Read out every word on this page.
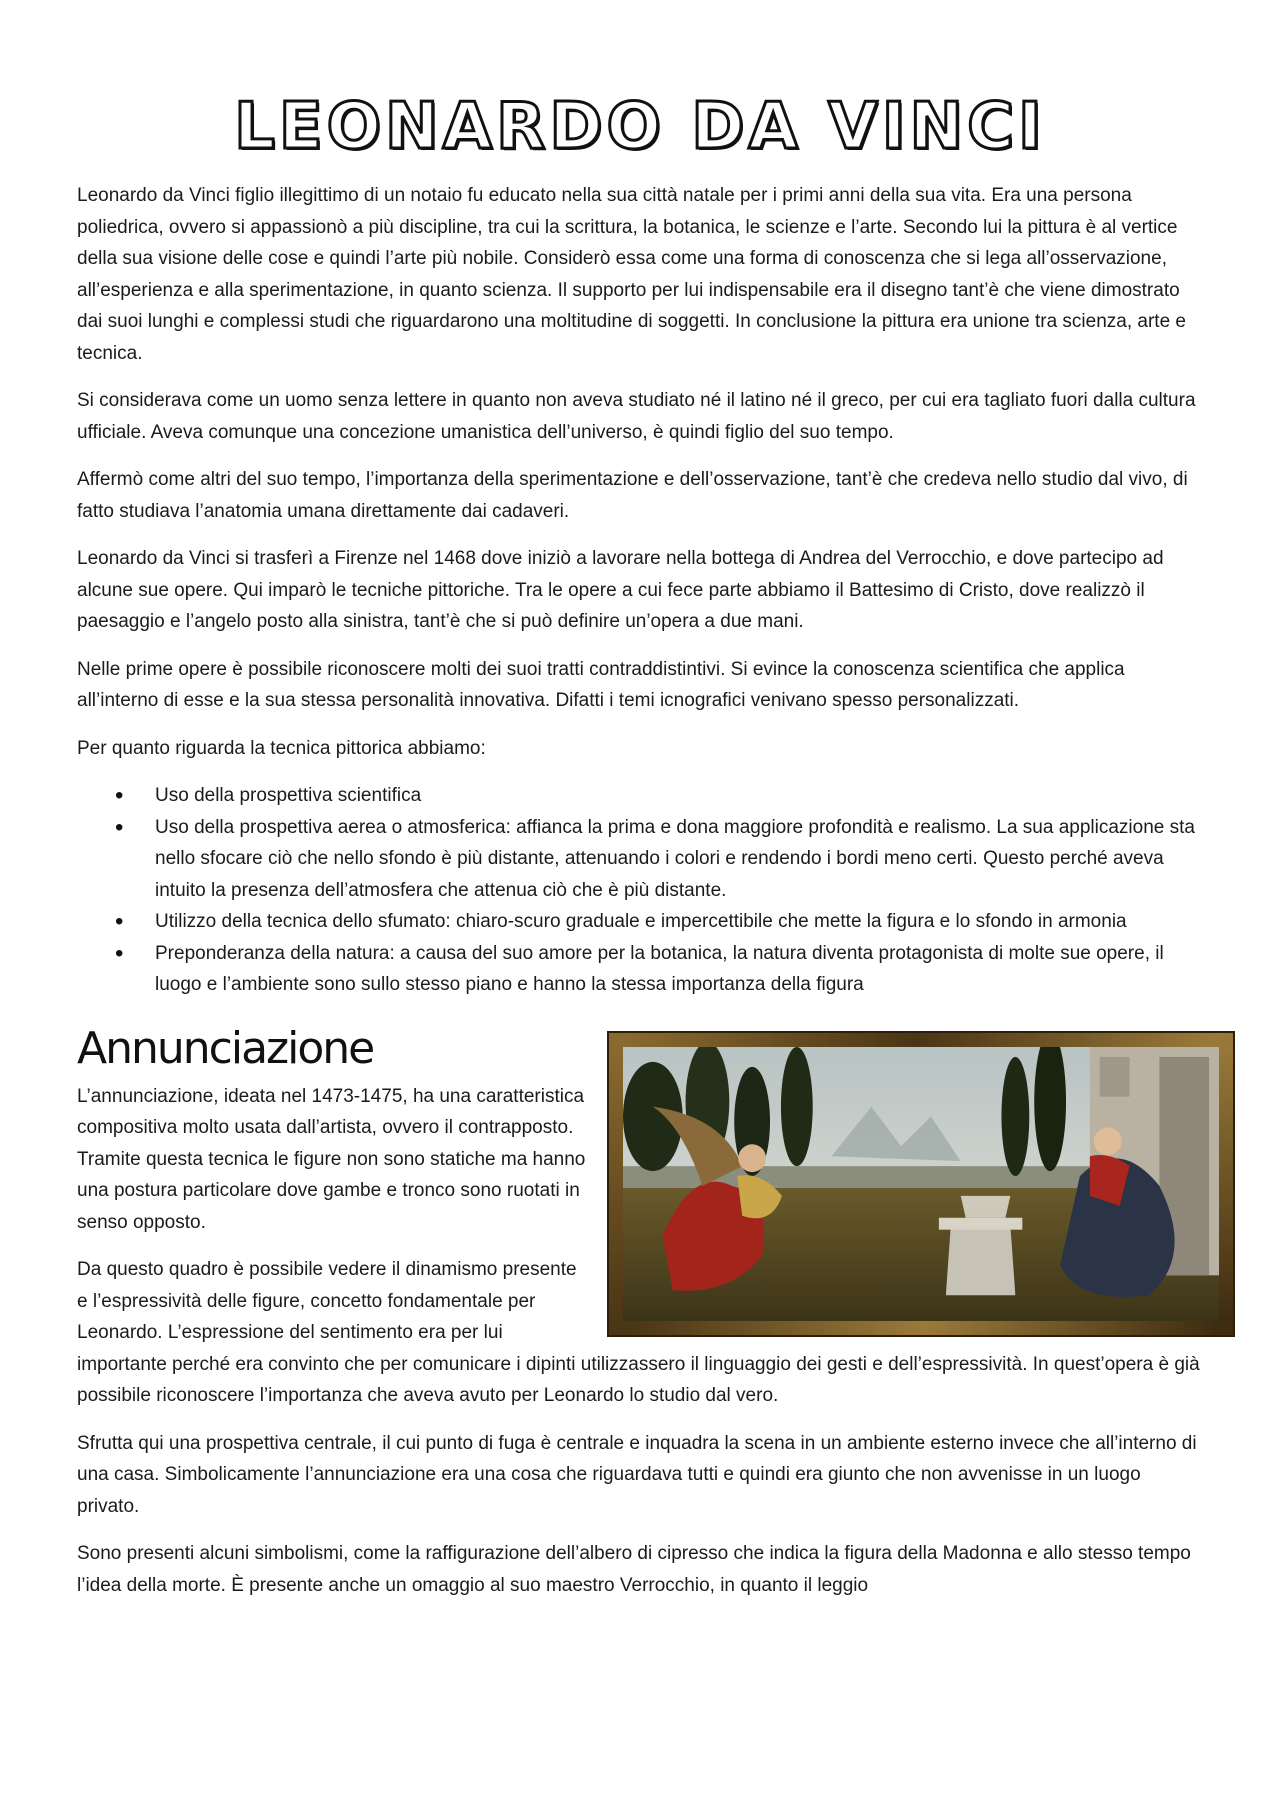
LEONARDO DA VINCI

Leonardo da Vinci figlio illegittimo di un notaio fu educato nella sua città natale per i primi anni della sua vita. Era una persona poliedrica, ovvero si appassionò a più discipline, tra cui la scrittura, la botanica, le scienze e l’arte. Secondo lui la pittura è al vertice della sua visione delle cose e quindi l’arte più nobile. Considerò essa come una forma di conoscenza che si lega all’osservazione, all’esperienza e alla sperimentazione, in quanto scienza. Il supporto per lui indispensabile era il disegno tant’è che viene dimostrato dai suoi lunghi e complessi studi che riguardarono una moltitudine di soggetti. In conclusione la pittura era unione tra scienza, arte e tecnica.

Si considerava come un uomo senza lettere in quanto non aveva studiato né il latino né il greco, per cui era tagliato fuori dalla cultura ufficiale. Aveva comunque una concezione umanistica dell’universo, è quindi figlio del suo tempo.

Affermò come altri del suo tempo, l’importanza della sperimentazione e dell’osservazione, tant’è che credeva nello studio dal vivo, di fatto studiava l’anatomia umana direttamente dai cadaveri.

Leonardo da Vinci si trasferì a Firenze nel 1468 dove iniziò a lavorare nella bottega di Andrea del Verrocchio, e dove partecipo ad alcune sue opere. Qui imparò le tecniche pittoriche. Tra le opere a cui fece parte abbiamo il Battesimo di Cristo, dove realizzò il paesaggio e l’angelo posto alla sinistra, tant’è che si può definire un’opera a due mani.

Nelle prime opere è possibile riconoscere molti dei suoi tratti contraddistintivi. Si evince la conoscenza scientifica che applica all’interno di esse e la sua stessa personalità innovativa. Difatti i temi icnografici venivano spesso personalizzati.

Per quanto riguarda la tecnica pittorica abbiamo:

• Uso della prospettiva scientifica
• Uso della prospettiva aerea o atmosferica: affianca la prima e dona maggiore profondità e realismo. La sua applicazione sta nello sfocare ciò che nello sfondo è più distante, attenuando i colori e rendendo i bordi meno certi. Questo perché aveva intuito la presenza dell’atmosfera che attenua ciò che è più distante.
• Utilizzo della tecnica dello sfumato: chiaro-scuro graduale e impercettibile che mette la figura e lo sfondo in armonia
• Preponderanza della natura: a causa del suo amore per la botanica, la natura diventa protagonista di molte sue opere, il luogo e l’ambiente sono sullo stesso piano e hanno la stessa importanza della figura
Annunciazione

L’annunciazione, ideata nel 1473-1475, ha una caratteristica compositiva molto usata dall’artista, ovvero il contrapposto. Tramite questa tecnica le figure non sono statiche ma hanno una postura particolare dove gambe e tronco sono ruotati in senso opposto.

Da questo quadro è possibile vedere il dinamismo presente e l’espressività delle figure, concetto fondamentale per Leonardo. L’espressione del sentimento era per lui importante perché era convinto che per comunicare i dipinti utilizzassero il linguaggio dei gesti e dell’espressività. In quest’opera è già possibile riconoscere l’importanza che aveva avuto per Leonardo lo studio dal vero.

Sfrutta qui una prospettiva centrale, il cui punto di fuga è centrale e inquadra la scena in un ambiente esterno invece che all’interno di una casa. Simbolicamente l’annunciazione era una cosa che riguardava tutti e quindi era giunto che non avvenisse in un luogo privato.

Sono presenti alcuni simbolismi, come la raffigurazione dell’albero di cipresso che indica la figura della Madonna e allo stesso tempo l’idea della morte. È presente anche un omaggio al suo maestro Verrocchio, in quanto il leggio
